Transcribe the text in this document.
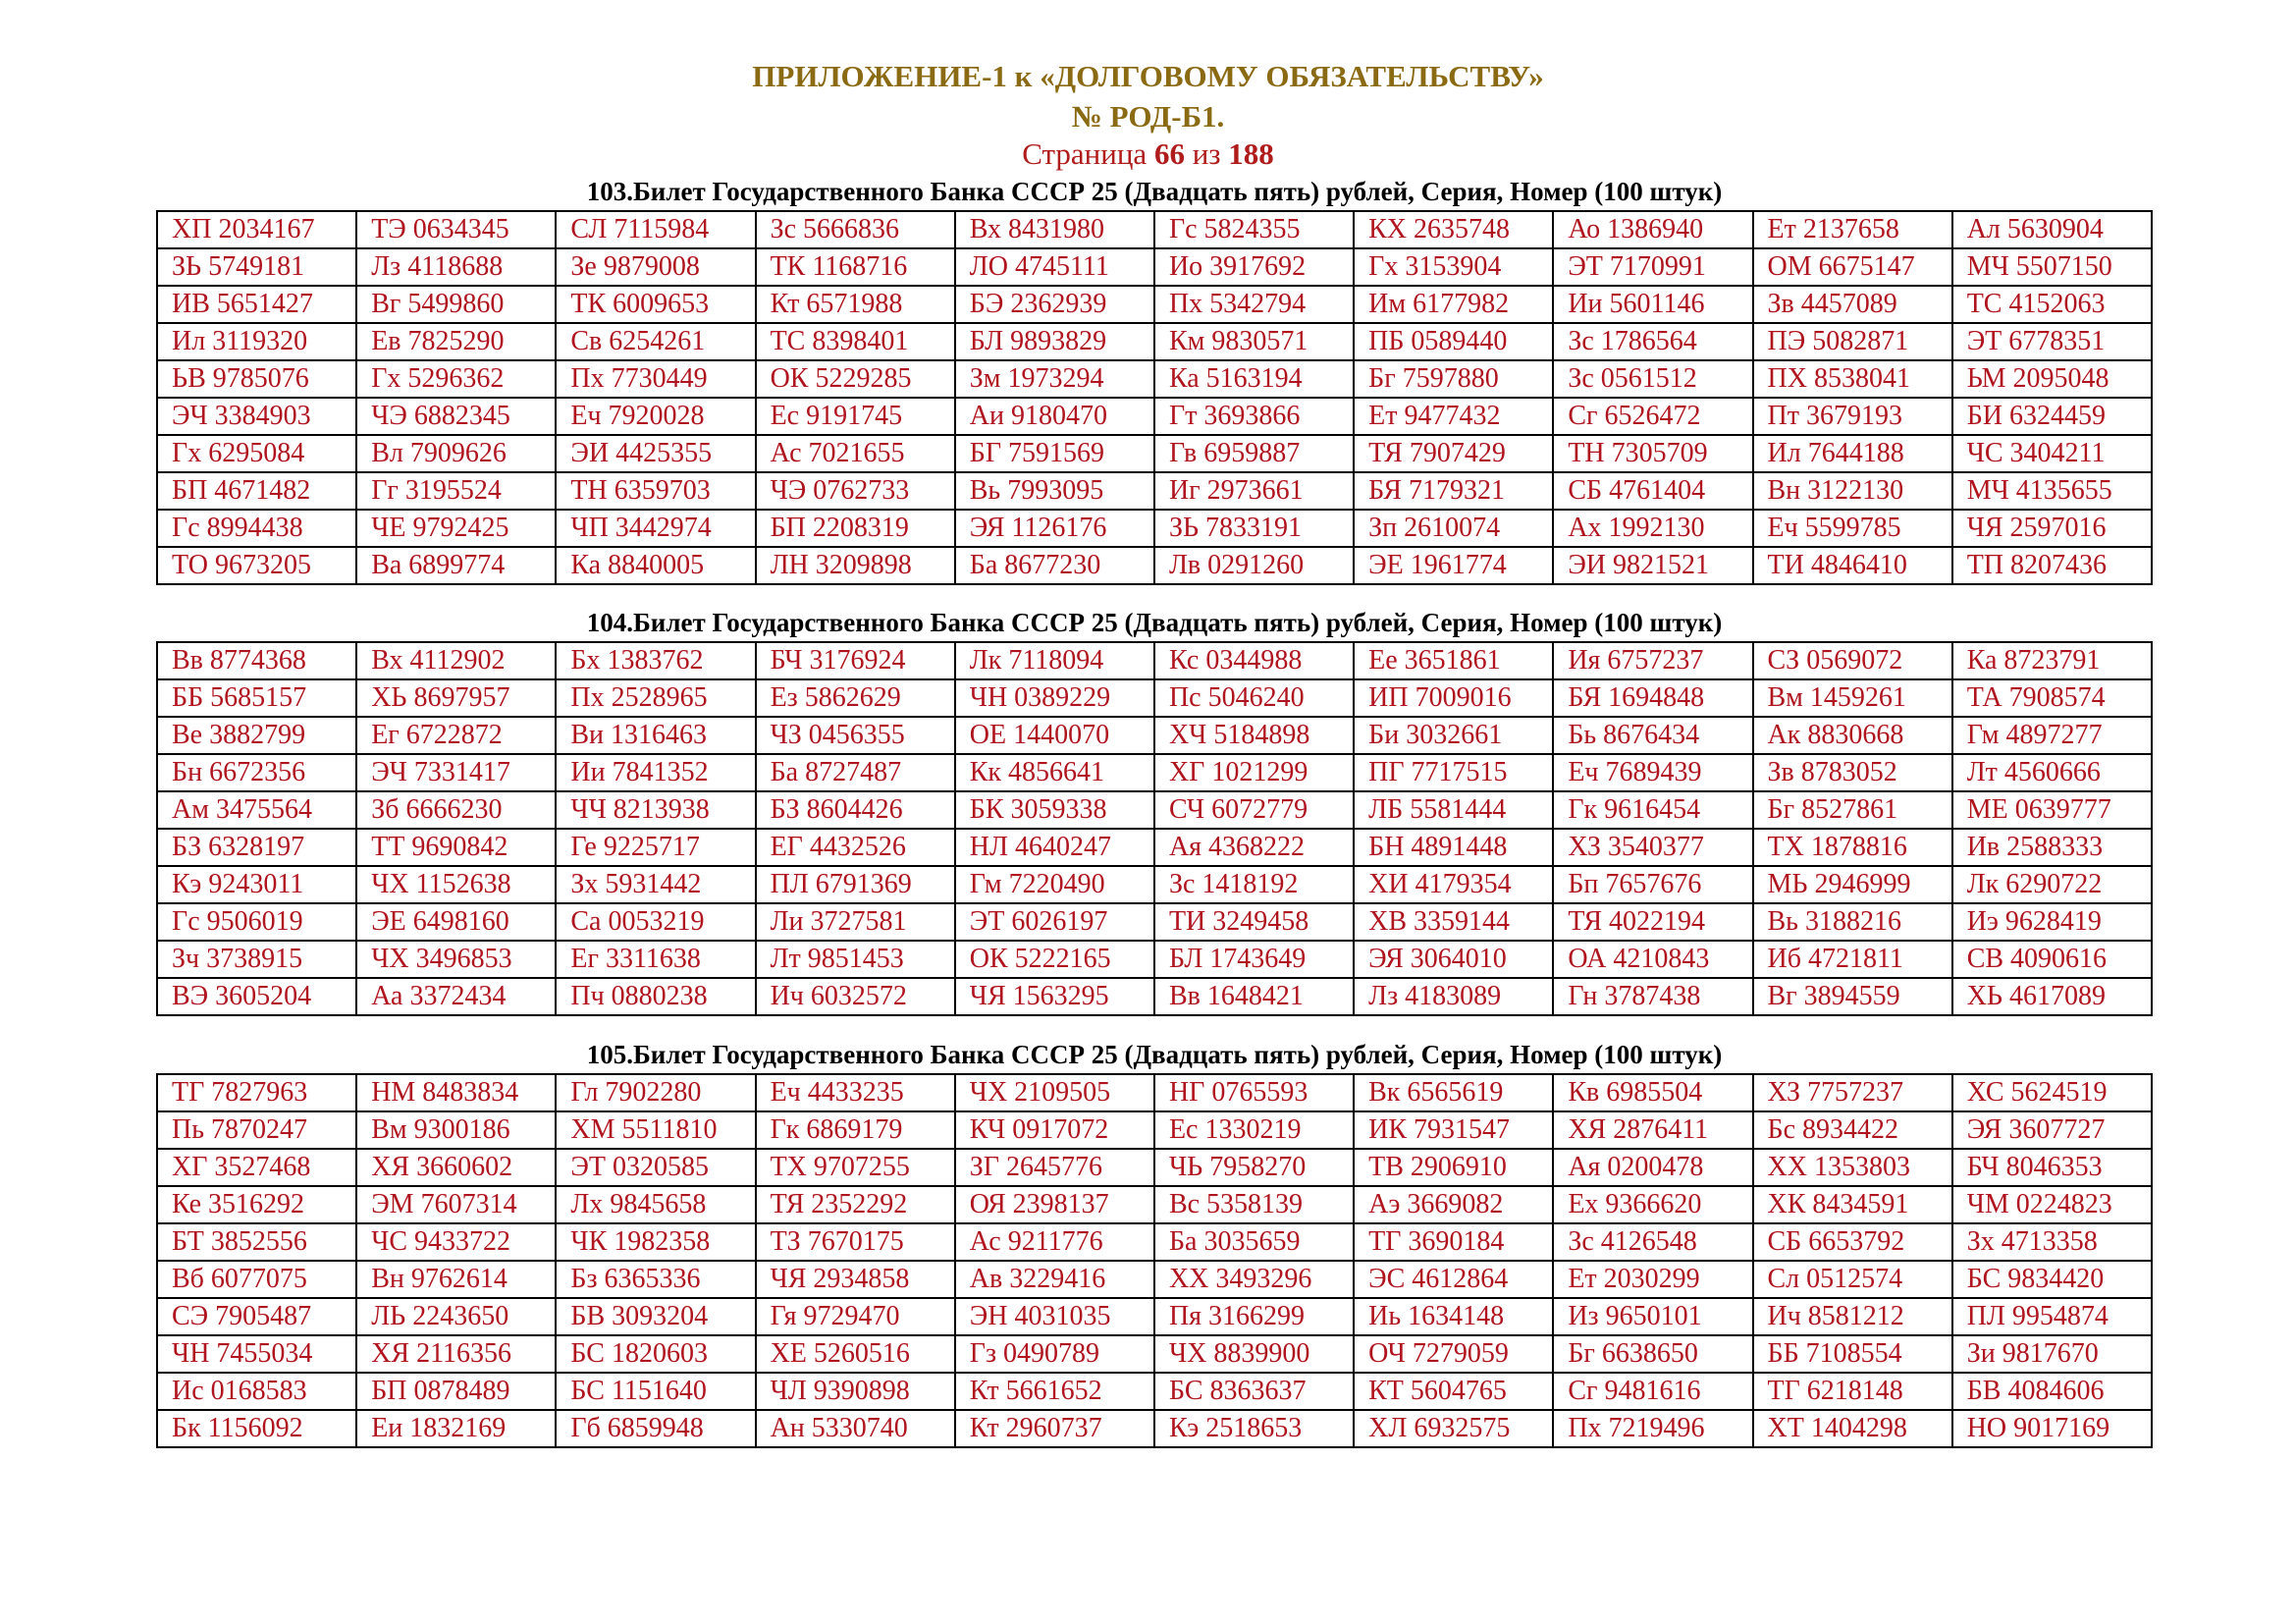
ПРИЛОЖЕНИЕ-1 к «ДОЛГОВОМУ ОБЯЗАТЕЛЬСТВУ»
№ РОД-Б1.
Страница 66 из 188
103.Билет Государственного Банка СССР 25 (Двадцать пять) рублей, Серия, Номер (100 штук)
ХП 2034167	ТЭ 0634345	СЛ 7115984	Зс 5666836	Вх 8431980	Гс 5824355	КХ 2635748	Ао 1386940	Ет 2137658	Ал 5630904
ЗЬ 5749181	Лз 4118688	Зе 9879008	ТК 1168716	ЛО 4745111	Ио 3917692	Гх 3153904	ЭТ 7170991	ОМ 6675147	МЧ 5507150
ИВ 5651427	Вг 5499860	ТК 6009653	Кт 6571988	БЭ 2362939	Пх 5342794	Им 6177982	Ии 5601146	Зв 4457089	ТС 4152063
Ил 3119320	Ев 7825290	Св 6254261	ТС 8398401	БЛ 9893829	Км 9830571	ПБ 0589440	Зс 1786564	ПЭ 5082871	ЭТ 6778351
ЬВ 9785076	Гх 5296362	Пх 7730449	ОК 5229285	Зм 1973294	Ка 5163194	Бг 7597880	Зс 0561512	ПХ 8538041	ЬМ 2095048
ЭЧ 3384903	ЧЭ 6882345	Еч 7920028	Ес 9191745	Аи 9180470	Гт 3693866	Ет 9477432	Сг 6526472	Пт 3679193	БИ 6324459
Гх 6295084	Вл 7909626	ЭИ 4425355	Ас 7021655	БГ 7591569	Гв 6959887	ТЯ 7907429	ТН 7305709	Ил 7644188	ЧС 3404211
БП 4671482	Гг 3195524	ТН 6359703	ЧЭ 0762733	Вь 7993095	Иг 2973661	БЯ 7179321	СБ 4761404	Вн 3122130	МЧ 4135655
Гс 8994438	ЧЕ 9792425	ЧП 3442974	БП 2208319	ЭЯ 1126176	ЗЬ 7833191	Зп 2610074	Ах 1992130	Еч 5599785	ЧЯ 2597016
ТО 9673205	Ва 6899774	Ка 8840005	ЛН 3209898	Ба 8677230	Лв 0291260	ЭЕ 1961774	ЭИ 9821521	ТИ 4846410	ТП 8207436
104.Билет Государственного Банка СССР 25 (Двадцать пять) рублей, Серия, Номер (100 штук)
Вв 8774368	Вх 4112902	Бх 1383762	БЧ 3176924	Лк 7118094	Кс 0344988	Ее 3651861	Ия 6757237	СЗ 0569072	Ка 8723791
ББ 5685157	ХЬ 8697957	Пх 2528965	Ез 5862629	ЧН 0389229	Пс 5046240	ИП 7009016	БЯ 1694848	Вм 1459261	ТА 7908574
Ве 3882799	Ег 6722872	Ви 1316463	ЧЗ 0456355	ОЕ 1440070	ХЧ 5184898	Би 3032661	Бь 8676434	Ак 8830668	Гм 4897277
Бн 6672356	ЭЧ 7331417	Ии 7841352	Ба 8727487	Кк 4856641	ХГ 1021299	ПГ 7717515	Еч 7689439	Зв 8783052	Лт 4560666
Ам 3475564	Зб 6666230	ЧЧ 8213938	БЗ 8604426	БК 3059338	СЧ 6072779	ЛБ 5581444	Гк 9616454	Бг 8527861	МЕ 0639777
БЗ 6328197	ТТ 9690842	Ге 9225717	ЕГ 4432526	НЛ 4640247	Ая 4368222	БН 4891448	ХЗ 3540377	ТХ 1878816	Ив 2588333
Кэ 9243011	ЧХ 1152638	Зх 5931442	ПЛ 6791369	Гм 7220490	Зс 1418192	ХИ 4179354	Бп 7657676	МЬ 2946999	Лк 6290722
Гс 9506019	ЭЕ 6498160	Са 0053219	Ли 3727581	ЭТ 6026197	ТИ 3249458	ХВ 3359144	ТЯ 4022194	Вь 3188216	Иэ 9628419
Зч 3738915	ЧХ 3496853	Ег 3311638	Лт 9851453	ОК 5222165	БЛ 1743649	ЭЯ 3064010	ОА 4210843	Иб 4721811	СВ 4090616
ВЭ 3605204	Аа 3372434	Пч 0880238	Ич 6032572	ЧЯ 1563295	Вв 1648421	Лз 4183089	Гн 3787438	Вг 3894559	ХЬ 4617089
105.Билет Государственного Банка СССР 25 (Двадцать пять) рублей, Серия, Номер (100 штук)
ТГ 7827963	НМ 8483834	Гл 7902280	Еч 4433235	ЧХ 2109505	НГ 0765593	Вк 6565619	Кв 6985504	ХЗ 7757237	ХС 5624519
Пь 7870247	Вм 9300186	ХМ 5511810	Гк 6869179	КЧ 0917072	Ес 1330219	ИК 7931547	ХЯ 2876411	Бс 8934422	ЭЯ 3607727
ХГ 3527468	ХЯ 3660602	ЭТ 0320585	ТХ 9707255	ЗГ 2645776	ЧЬ 7958270	ТВ 2906910	Ая 0200478	ХХ 1353803	БЧ 8046353
Ке 3516292	ЭМ 7607314	Лх 9845658	ТЯ 2352292	ОЯ 2398137	Вс 5358139	Аэ 3669082	Ех 9366620	ХК 8434591	ЧМ 0224823
БТ 3852556	ЧС 9433722	ЧК 1982358	ТЗ 7670175	Ас 9211776	Ба 3035659	ТГ 3690184	Зс 4126548	СБ 6653792	Зх 4713358
Вб 6077075	Вн 9762614	Бз 6365336	ЧЯ 2934858	Ав 3229416	ХХ 3493296	ЭС 4612864	Ет 2030299	Сл 0512574	БС 9834420
СЭ 7905487	ЛЬ 2243650	БВ 3093204	Гя 9729470	ЭН 4031035	Пя 3166299	Иь 1634148	Из 9650101	Ич 8581212	ПЛ 9954874
ЧН 7455034	ХЯ 2116356	БС 1820603	ХЕ 5260516	Гз 0490789	ЧХ 8839900	ОЧ 7279059	Бг 6638650	ББ 7108554	Зи 9817670
Ис 0168583	БП 0878489	БС 1151640	ЧЛ 9390898	Кт 5661652	БС 8363637	КТ 5604765	Сг 9481616	ТГ 6218148	БВ 4084606
Бк 1156092	Еи 1832169	Гб 6859948	Ан 5330740	Кт 2960737	Кэ 2518653	ХЛ 6932575	Пх 7219496	ХТ 1404298	НО 9017169
